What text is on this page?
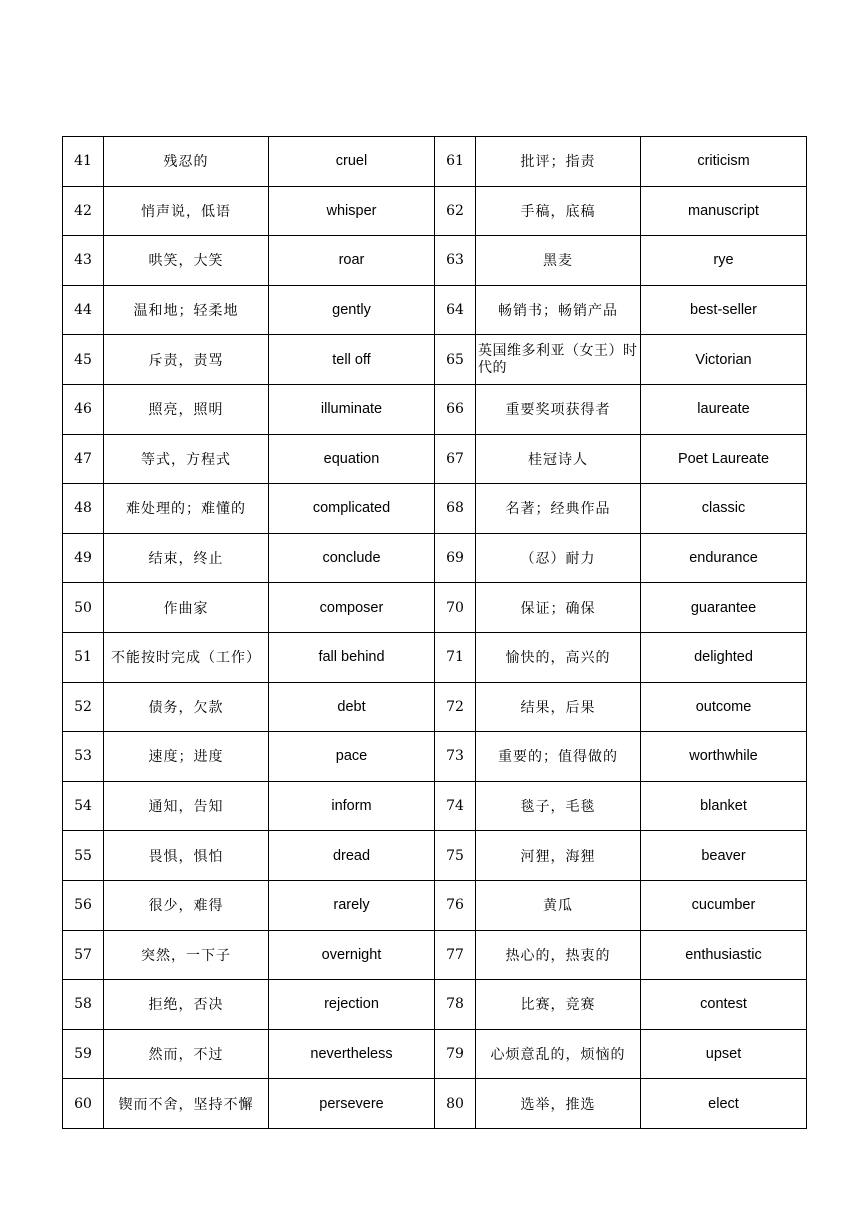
41	残忍的	cruel	61	批评；指责	criticism
42	悄声说，低语	whisper	62	手稿，底稿	manuscript
43	哄笑，大笑	roar	63	黑麦	rye
44	温和地；轻柔地	gently	64	畅销书；畅销产品	best-seller
45	斥责，责骂	tell off	65	英国维多利亚（女王）时代的	Victorian
46	照亮，照明	illuminate	66	重要奖项获得者	laureate
47	等式，方程式	equation	67	桂冠诗人	Poet Laureate
48	难处理的；难懂的	complicated	68	名著；经典作品	classic
49	结束，终止	conclude	69	（忍）耐力	endurance
50	作曲家	composer	70	保证；确保	guarantee
51	不能按时完成（工作）	fall behind	71	愉快的，高兴的	delighted
52	债务，欠款	debt	72	结果，后果	outcome
53	速度；进度	pace	73	重要的；值得做的	worthwhile
54	通知，告知	inform	74	毯子，毛毯	blanket
55	畏惧，惧怕	dread	75	河狸，海狸	beaver
56	很少，难得	rarely	76	黄瓜	cucumber
57	突然，一下子	overnight	77	热心的，热衷的	enthusiastic
58	拒绝，否决	rejection	78	比赛，竞赛	contest
59	然而，不过	nevertheless	79	心烦意乱的，烦恼的	upset
60	锲而不舍，坚持不懈	persevere	80	选举，推选	elect
